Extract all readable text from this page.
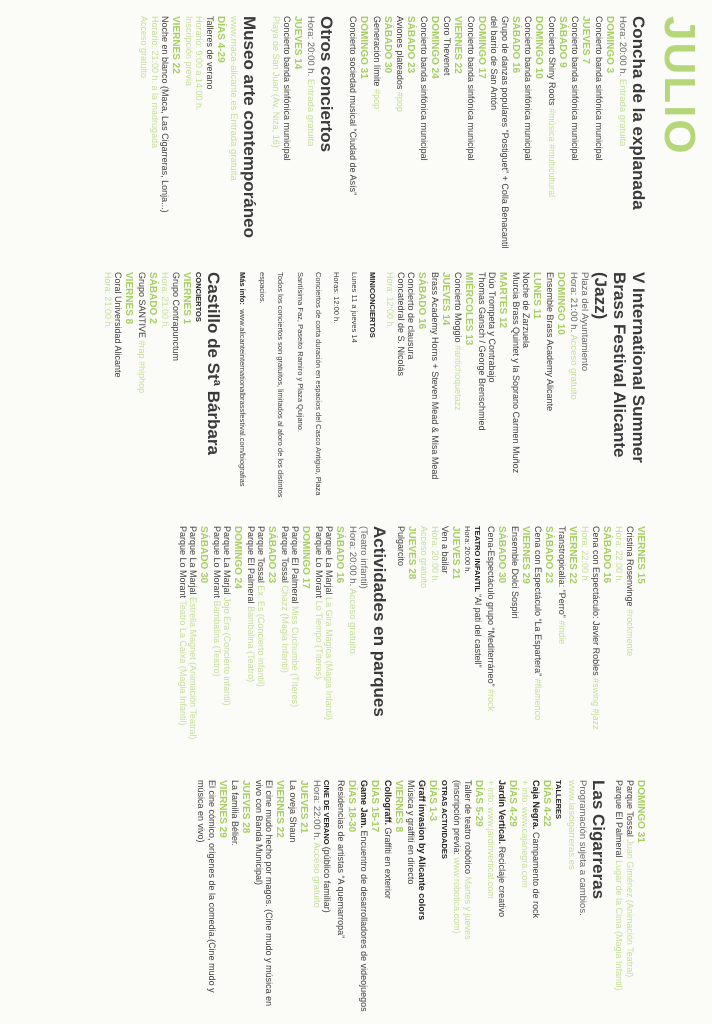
JULIO
Concha de la explanada
Hora: 20:00 h. Entrada gratuita
DOMINGO 3
Concierto banda sinfónica municipal
JUEVES 7
Concierto banda sinfónica municipal
SÁBADO 9
Concierto Shiny Roots #música #multicultural
DOMINGO 10
Concierto banda sinfónica municipal
SÁBADO 16
Grupo de danzas populares “Postiguet” + Colla Benacantil del barrio de San Antón
DOMINGO 17
Concierto banda sinfónica municipal
VIERNES 22
Coro Thevenet
DOMINGO 24
Concierto banda sinfónica municipal
SÁBADO 23
Aviones plateados #pop
SÁBADO 30
Generación límite #pop
DOMINGO 31
Concierto sociedad musical “Ciudad de Asís”
Otros conciertos
Hora: 20:00 h. Entrada gratuita
JUEVES 14
Concierto banda sinfónica municipal
Playa de San Juan (Av. Niza, 16)
Museo arte contemporáneo
www.maca-alicante.es Entrada gratuita
DÍAS 4-29
Talleres de verano
Horario: 9:00 a 14:00 h.
Inscripción previa
VIERNES 22
Noche en blanco (Maca, Las Cigarreras, Lonja...)
Horario: 21:00 h. a la madrugada
Acceso gratuito
V International Summer Brass Festival Alicante (Jazz)
Plaza del Ayuntamiento
Hora: 21:00 h. Acceso gratuito
DOMINGO 10
Ensemble Brass Academy Alicante
LUNES 11
Noche de Zarzuela
Murcia Brass Quintet y la Soprano Carmen Muñoz
MARTES 12
Dúo Trompeta y Contrabajo
Thomas Gansch / George Brenschmied
MIÉRCOLES 13
Concierto Moggio #antichoquetazz
JUEVES 14
Brass Academy Horns + Steven Mead & Misa Mead
SÁBADO 16
Concierto de clausura
Concatedral de S. Nicolás
Hora: 12:00 h.
MINICONCIERTOS
Lunes 11 a jueves 14
Horas: 12:00 h.
Conciertos de corta duración en espacios del Casco Antiguo, Plaza Santísima Faz, Paseito Ramiro y Plaza Quijano.
Todos los conciertos son gratuitos, limitados al aforo de los distintos espacios.
Más info: www.alicanteinternationalbrassfestival.com/biografias
Castillo de Stª Bárbara
CONCIERTOS
VIERNES 1
Grupo Contrapunctum
Hora: 21:00 h.
SÁBADO 2
Grupo SANTIVE #rap #hiphop
VIERNES 8
Coral Universidad Alicante
Hora: 21:00 h.
VIERNES 15
Cristina Rosenvinge #rockmente
Hora: 22:00 h.
SÁBADO 16
Cena con Espectáculo: Javier Robles #swing #jazz
Hora: 22:00 h.
VIERNES 22
Transtropicalia: “Perro” #indie
SÁBADO 23
Cena con Espectáculo “La Espartera” #flamenco
VIERNES 29
Ensemble Dolci Sospiri
SÁBADO 30
Cena-Espectáculo grupo “Mediterráneo” #rock
TEATRO INFANTIL “Al pati del castell”
Hora: 20:00 h.
JUEVES 21
Ven a bailar
Hora: 20:00 h.
Acceso gratuito
JUEVES 28
Pulgarcito
Actividades en parques
(Teatro infantil)
Hora: 20:00 h. Acceso gratuito
SÁBADO 16
Parque La Marjal La Gira Mágica (Magia Infantil)
Parque Lo Morant Lo Tiempo (Títeres)
DOMINGO 17
Parque El Palmeral Miss Cuchumbé (Títeres)
Parque Tossal Chazz (Magia Infantil)
SÁBADO 23
Parque Tossal Ex. Es (Concierto infantil)
Parque El Palmeral Bambalina (Teatro)
DOMINGO 24
Parque La Marjal Jojo Era (Concierto infantil)
Parque Lo Morant Bambalina (Teatro)
SÁBADO 30
Parque La Marjal Estrella Magnet (Animación Teatral)
Parque Lo Morant Teatro La Caixa (Magia Infantil)
DOMINGO 31
Parque Tossal Juan Giménez (Animación Teatral)
Parque El Palmeral Lugar de la Cima (Magia Infantil)
Las Cigarreras
Programación sujeta a cambios.
www.lascigarreras.es
TALLERES
DÍAS 4-22
Caja Negra. Campamento de rock
+ info: www.cajanegra.com
DÍAS 4-29
Jardín Vertical. Reciclaje creativo
+ info: www.jardinvertical.com
DÍAS 5-29
Taller de teatro robótico Martes y jueves
(inscripción previa: www.robotica.com)
OTRAS ACTIVIDADES
DÍAS 1-3
Graff invasion by Alicante colors
Música y graffiti en directo
VIERNES 8
Collograff. Graffiti en exterior
DÍAS 15-17
Game Jam. Encuentro de desarrolladores de videojuegos
DÍAS 18-30
Residencias de artistas “A quemarropa”
CINE DE VERANO (público familiar)
Hora: 22:00 h. Acceso gratuito
JUEVES 21
La oveja Shaun
VIERNES 22
El cine mudo hecho por magos. (Cine mudo y música en vivo con Banda Municipal)
JUEVES 28
La familia Bélier.
VIERNES 29
El cine cómico, orígenes de la comedia.(Cine mudo y música en vivo)
